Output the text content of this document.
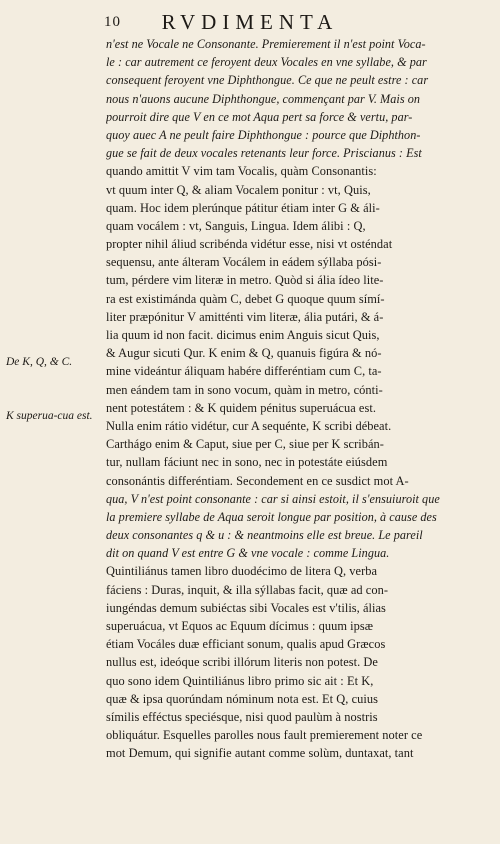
10	RVDIMENTA
De K, Q, & C.
K superua-cua est.
n'est ne Vocale ne Consonante. Premierement il n'est point Voca-
le : car autrement ce feroyent deux Vocales en vne syllabe, & par
consequent feroyent vne Diphthongue. Ce que ne peult estre : car
nous n'auons aucune Diphthongue, commençant par V. Mais on
pourroit dire que V en ce mot Aqua pert sa force & vertu, par-
quoy auec A ne peult faire Diphthongue : pource que Diphthon-
gue se fait de deux vocales retenants leur force. Priscianus : Est
quando amittit V vim tam Vocalis, quàm Consonantis:
vt quum inter Q, & aliam Vocalem ponitur : vt, Quis,
quam. Hoc idem plerúnque pátitur étiam inter G & áli-
quam vocálem : vt, Sanguis, Lingua. Idem álibi : Q,
propter nihil áliud scribénda vidétur esse, nisi vt osténdat
sequensu, ante álteram Vocálem in eádem sýllaba pósi-
tum, pérdere vim literæ in metro. Quòd si ália ídeo lite-
ra est existimánda quàm C, debet G quoque quum símí-
liter præpónitur V amitténti vim literæ, ália putári, & á-
lia quum id non facit. dicimus enim Anguis sicut Quis,
& Augur sicuti Qur. K enim & Q, quanuis figúra & nó-
mine videántur áliquam habére differéntiam cum C, ta-
men eándem tam in sono vocum, quàm in metro, cónti-
nent potestátem : & K quidem pénitus superuácua est.
Nulla enim rátio vidétur, cur A sequénte, K scribi débeat.
Carthágo enim & Caput, siue per C, siue per K scribán-
tur, nullam fáciunt nec in sono, nec in potestáte eiúsdem
consonántis differéntiam. Secondement en ce susdict mot A-
qua, V n'est point consonante : car si ainsi estoit, il s'ensuiuroit que
la premiere syllabe de Aqua seroit longue par position, à cause des
deux consonantes q & u : & neantmoins elle est breue. Le pareil
dit on quand V est entre G & vne vocale : comme Lingua.
Quintiliánus tamen libro duodécimo de litera Q, verba
fáciens : Duras, inquit, & illa sýllabas facit, quæ ad con-
iungéndas demum subiéctas sibi Vocales est v'tilis, álias
superuácua, vt Equos ac Equum dícimus : quum ipsæ
étiam Vocáles duæ efficiant sonum, qualis apud Græcos
nullus est, ideóque scribi illórum literis non potest. De
quo sono idem Quintiliánus libro primo sic ait : Et K,
quæ & ipsa quorúndam nóminum nota est. Et Q, cuius
símilis efféctus speciésque, nisi quod paulùm à nostris
obliquátur. Esquelles parolles nous fault premierement noter ce
mot Demum, qui signifie autant comme solùm, duntaxat, tant
